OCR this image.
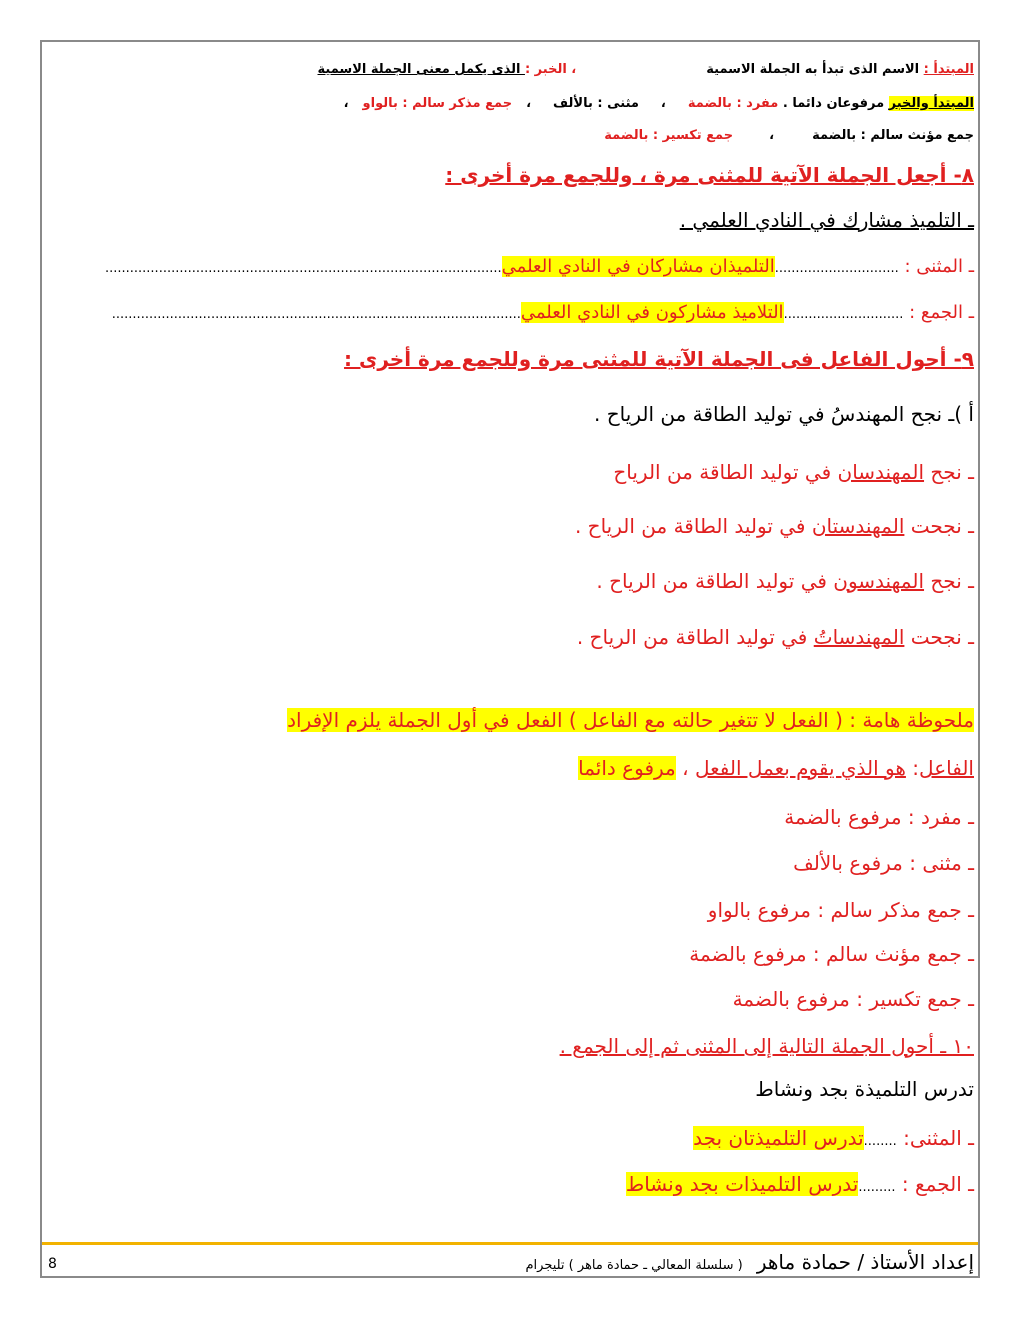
المبتدأ : الاسم الذى تبدأ به الجملة الاسمية، الخبر : الذى يكمل معنى الجملة الاسمية
المبتدأ والخبر مرفوعان دائما . مفرد : بالضمة،مثنى : بالألف،جمع مذكر سالم : بالواو،
جمع مؤنث سالم : بالضمة،جمع تكسير : بالضمة
٨- أجعل الجملة الآتية للمثنى مرة ، وللجمع مرة أخرى :
ـ التلميذ مشارك في النادي العلمي .
ـ المثنى : ..............................التلميذان مشاركان في النادي العلمي................................................................................................
ـ الجمع : .............................التلاميذ مشاركون في النادي العلمي...................................................................................................
٩- أحول الفاعل فى الجملة الآتية للمثنى مرة وللجمع مرة أخرى :
أ )ـ نجح المهندسُ في توليد الطاقة من الرياح .
ـ نجح المهندسان في توليد الطاقة من الرياح
ـ نجحت المهندستان في توليد الطاقة من الرياح .
ـ نجح المهندسون في توليد الطاقة من الرياح .
ـ نجحت المهندساتُ في توليد الطاقة من الرياح .
ملحوظة هامة : ( الفعل لا تتغير حالته مع الفاعل ) الفعل في أول الجملة يلزم الإفراد
الفاعل: هو الذي يقوم بعمل الفعل ، مرفوع دائما
ـ مفرد : مرفوع بالضمة
ـ مثنى : مرفوع بالألف
ـ جمع مذكر سالم : مرفوع بالواو
ـ جمع مؤنث سالم : مرفوع بالضمة
ـ جمع تكسير : مرفوع بالضمة
١٠ ـ أحول الجملة التالية إلى المثنى ثم إلى الجمع .
تدرس التلميذة بجد ونشاط
ـ المثنى: ........تدرس التلميذتان بجد
ـ الجمع : .........تدرس التلميذات بجد ونشاط
إعداد الأستاذ / حمادة ماهر ( سلسلة المعالي ـ حمادة ماهر ) تليجرام
8
